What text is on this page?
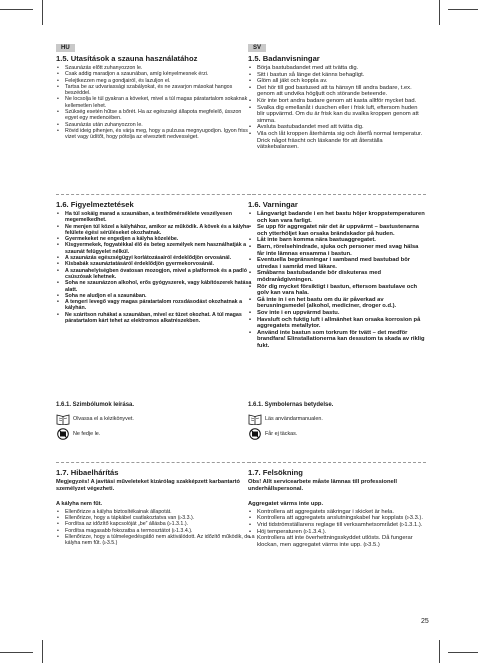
HU
1.5. Utasítások a szauna használatához
• Szaunázás előtt zuhanyozzon le.
• Csak addig maradjon a szaunában, amíg kényelmesnek érzi.
• Felejtkezzen meg a gondjairól, és lazuljon el.
• Tartsa be az udvariassági szabályokat, és ne zavarjon másokat hangos beszéddel.
• Ne locsolja le túl gyakran a köveket, mivel a túl magas páratartalom sokaknak kellemetlen lehet.
• Szükség esetén hűtse a bőrét. Ha az egészségi állapota megfelelő, ússzon egyet egy medencében.
• Szaunázás után zuhanyozzon le.
• Rövid ideig pihenjen, és várja meg, hogy a pulzusa megnyugodjon. Igyon friss vizet vagy üdítőt, hogy pótolja az elvesztett nedvességet.
1.6. Figyelmeztetések
• Ha túl sokáig marad a szaunában, a testhőmérséklete veszélyesen megemelkedhet.
• Ne menjen túl közel a kályhához, amikor az működik. A kövek és a kályha felülete égési sérüléseket okozhatnak.
• Gyermekeket ne engedjen a kályha közelébe.
• Kisgyermekek, fogyatékkal élő és beteg személyek nem használhatják a szaunát felügyelet nélkül.
• A szaunázás egészségügyi korlátozásairól érdeklődjön orvosánál.
• Kisbabák szaunáztatásáról érdeklődjön gyermekorvosánál.
• A szaunahelyiségben óvatosan mozogjon, mivel a platformok és a padló csúszósak lehetnek.
• Soha ne szaunázzon alkohol, erős gyógyszerek, vagy kábítószerek hatása alatt.
• Soha ne aludjon el a szaunában.
• A tengeri levegő vagy magas páratartalom rozsdásodást okozhatnak a kályhán.
• Ne szárítson ruhákat a szaunában, mivel ez tüzet okozhat. A túl magas páratartalom kárt tehet az elektromos alkatrészekben.
1.6.1. Szimbólumok leírása.
Olvassa el a kézikönyvet.
Ne fedje le.
1.7. Hibaelhárítás
Megjegyzés! A javítási műveleteket kizárólag szakképzett karbantartó személyzet végezheti.
A kályha nem fűt.
• Ellenőrizze a kályha biztosítékainak állapotát.
• Ellenőrizze, hogy a tápkábel csatlakoztatva van (▹3.3.).
• Fordítsa az időzítő kapcsolóját „be” állásba (▹1.3.1.).
• Fordítsa magasabb fokozatba a termosztátot (▹1.3.4.).
• Ellenőrizze, hogy a túlmelegedésgátló nem aktiválódott. Az időzítő működik, de a kályha nem fűt. (▹3.5.)
SV
1.5. Badanvisningar
• Börja bastubadandet med att tvätta dig.
• Sitt i bastun så länge det känns behagligt.
• Glöm all jäkt och koppla av.
• Det hör till god bastused att ta hänsyn till andra badare, t.ex. genom att undvika högljutt och störande beteende.
• Kör inte bort andra badare genom att kasta alltför mycket bad.
• Svalka dig emellanåt i duschen eller i frisk luft, eftersom huden blir uppvärmd. Om du är frisk kan du svalka kroppen genom att simma.
• Avsluta bastubadandet med att tvätta dig.
• Vila och låt kroppen återhämta sig och återfå normal temperatur. Drick något fräscht och läskande för att återställa vätskebalansen.
1.6. Varningar
• Långvarigt badande i en het bastu höjer kroppstemperaturen och kan vara farligt.
• Se upp för aggregatet när det är uppvärmt – bastustenarna och ytterhöljet kan orsaka brändskador på huden.
• Låt inte barn komma nära bastuaggregatet.
• Barn, rörelsehindrade, sjuka och personer med svag hälsa får inte lämnas ensamma i bastun.
• Eventuella begränsningar i samband med bastubad bör utredas i samråd med läkare.
• Småbarns bastubadande bör diskuteras med mödrarådgivningen.
• Rör dig mycket försiktigt i bastun, eftersom bastulave och golv kan vara hala.
• Gå inte in i en het bastu om du är påverkad av berusningsmedel (alkohol, mediciner, droger o.d.).
• Sov inte i en uppvärmd bastu.
• Havsluft och fuktig luft i allmänhet kan orsaka korrosion på aggregatets metallytor.
• Använd inte bastun som torkrum för tvätt – det medför brandfara! Elinstallationerna kan dessutom ta skada av riklig fukt.
1.6.1. Symbolernas betydelse.
Läs användarmanualen.
Får ej täckas.
1.7. Felsökning
Obs! Allt servicearbete måste lämnas till professionell underhållspersonal.
Aggregatet värms inte upp.
• Kontrollera att aggregatets säkringar i skicket är hela.
• Kontrollera att aggregatets anslutningskabel har kopplats (▹3.3.).
• Vrid tidströmställarens reglage till verksamhetsområdet (▹1.3.1.).
• Höj temperaturen (▹1.3.4.).
• Kontrollera att inte överhettningsskyddet utlösts. Då fungerar klockan, men aggregatet värms inte upp. (▹3.5.)
25
